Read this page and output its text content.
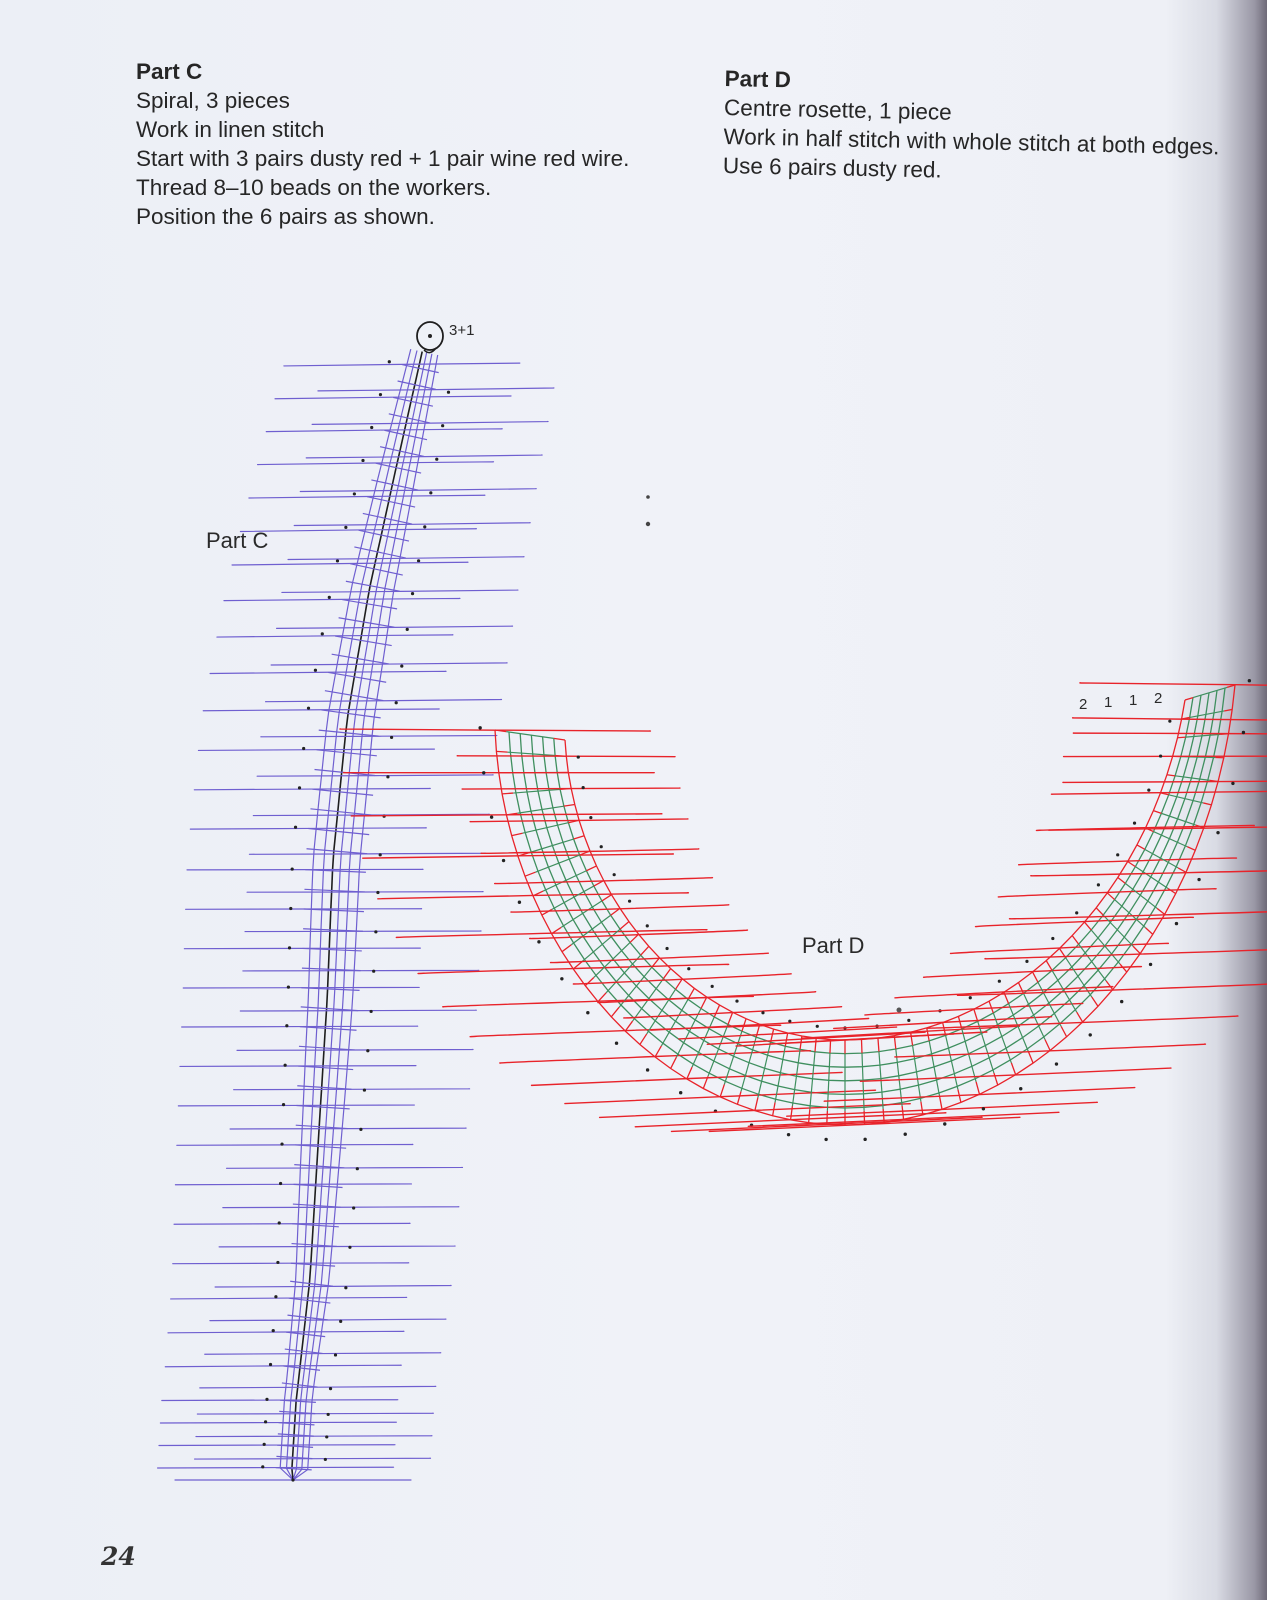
Part C
Spiral, 3 pieces
Work in linen stitch
Start with 3 pairs dusty red + 1 pair wine red wire.
Thread 8–10 beads on the workers.
Position the 6 pairs as shown.
Part D
Centre rosette, 1 piece
Work in half stitch with whole stitch at both edges. Use 6 pairs dusty red.
Part C
3+1
Part D
2 1 1 2
24
